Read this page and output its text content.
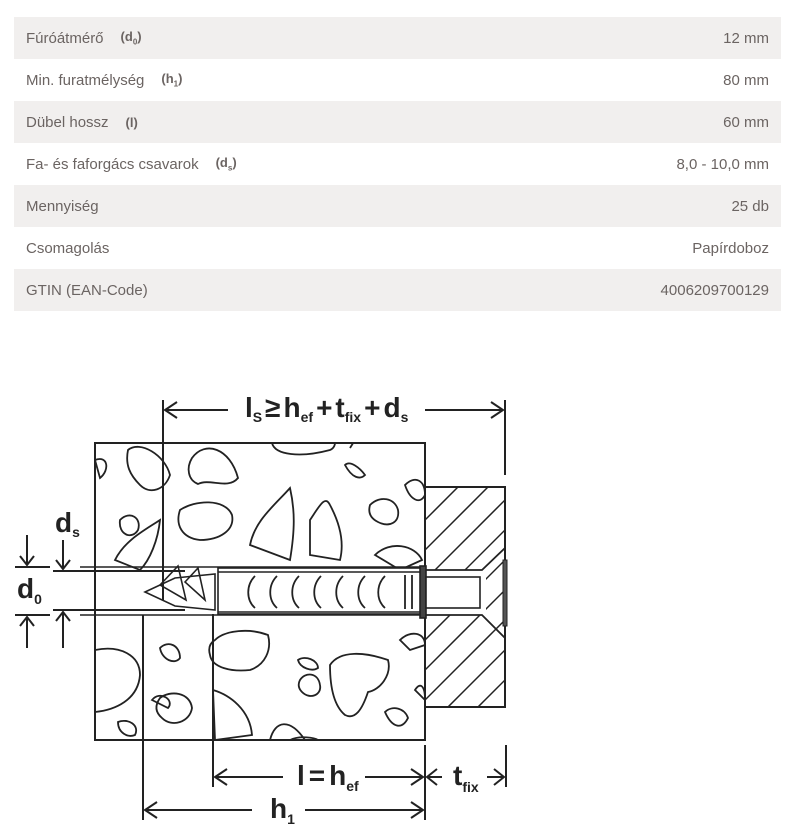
Fúróátmérő $(d_0)$	12 mm
Min. furatmélység $(h_1)$	80 mm
Dübel hossz (l)	60 mm
Fa- és faforgács csavarok $(d_s)$	8,0 - 10,0 mm
Mennyiség	25 db
Csomagolás	Papírdoboz
GTIN (EAN-Code)	4006209700129
lS ≥ hef + tfix + ds
ds
$d_0$
$l = h_{ef}$	$t_{fix}$
$h_1$
